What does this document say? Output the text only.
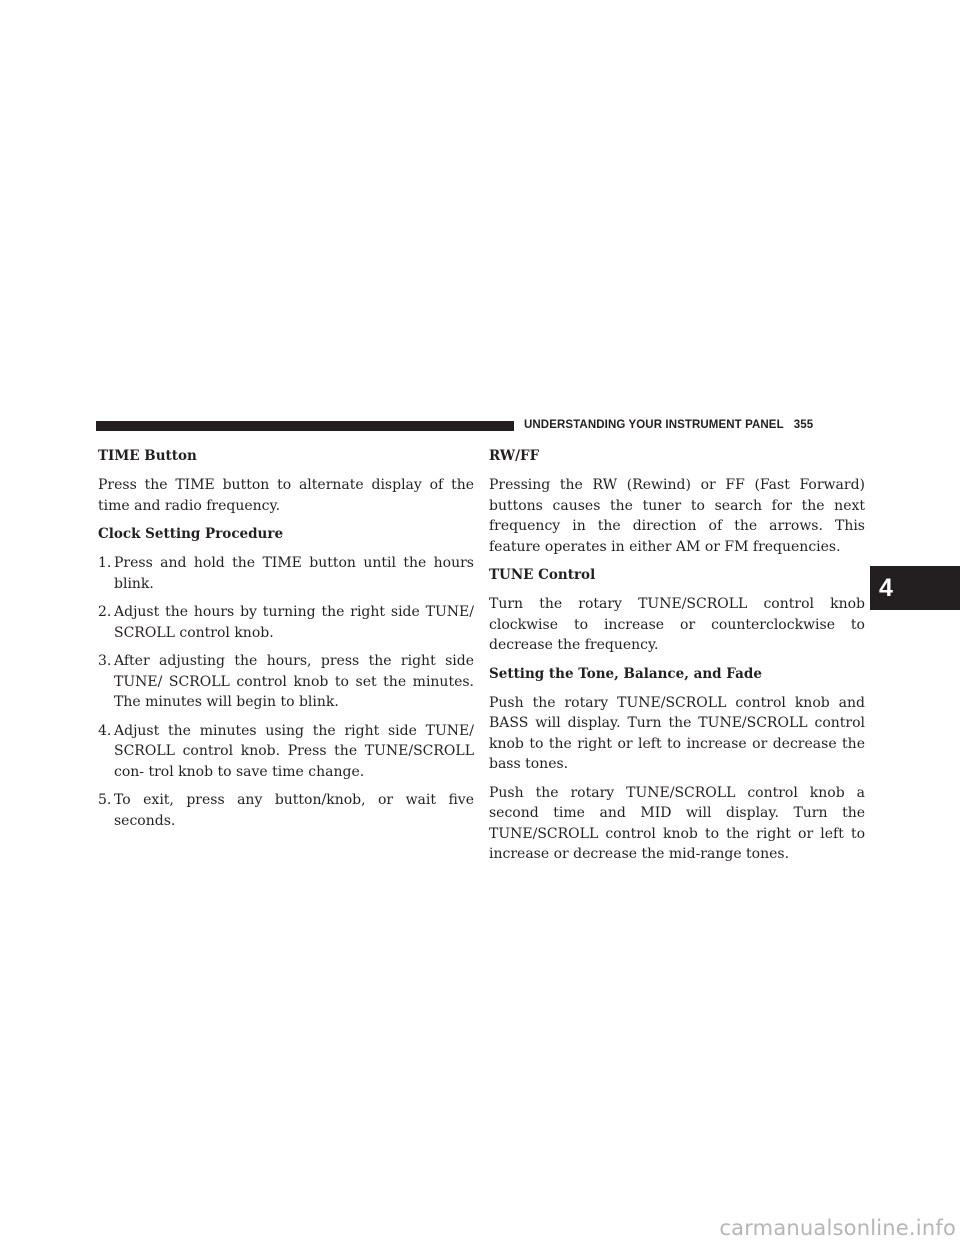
UNDERSTANDING YOUR INSTRUMENT PANEL 355
TIME Button

Press the TIME button to alternate display of the time and radio frequency.

Clock Setting Procedure
1. Press and hold the TIME button until the hours blink.
2. Adjust the hours by turning the right side TUNE/ SCROLL control knob.
3. After adjusting the hours, press the right side TUNE/ SCROLL control knob to set the minutes. The minutes will begin to blink.
4. Adjust the minutes using the right side TUNE/ SCROLL control knob. Press the TUNE/SCROLL con- trol knob to save time change.
5. To exit, press any button/knob, or wait five seconds.
RW/FF

Pressing the RW (Rewind) or FF (Fast Forward) buttons causes the tuner to search for the next frequency in the direction of the arrows. This feature operates in either AM or FM frequencies.

TUNE Control

Turn the rotary TUNE/SCROLL control knob clockwise to increase or counterclockwise to decrease the frequency.

Setting the Tone, Balance, and Fade

Push the rotary TUNE/SCROLL control knob and BASS will display. Turn the TUNE/SCROLL control knob to the right or left to increase or decrease the bass tones.

Push the rotary TUNE/SCROLL control knob a second time and MID will display. Turn the TUNE/SCROLL control knob to the right or left to increase or decrease the mid-range tones.

4
carmanualsonline.info
